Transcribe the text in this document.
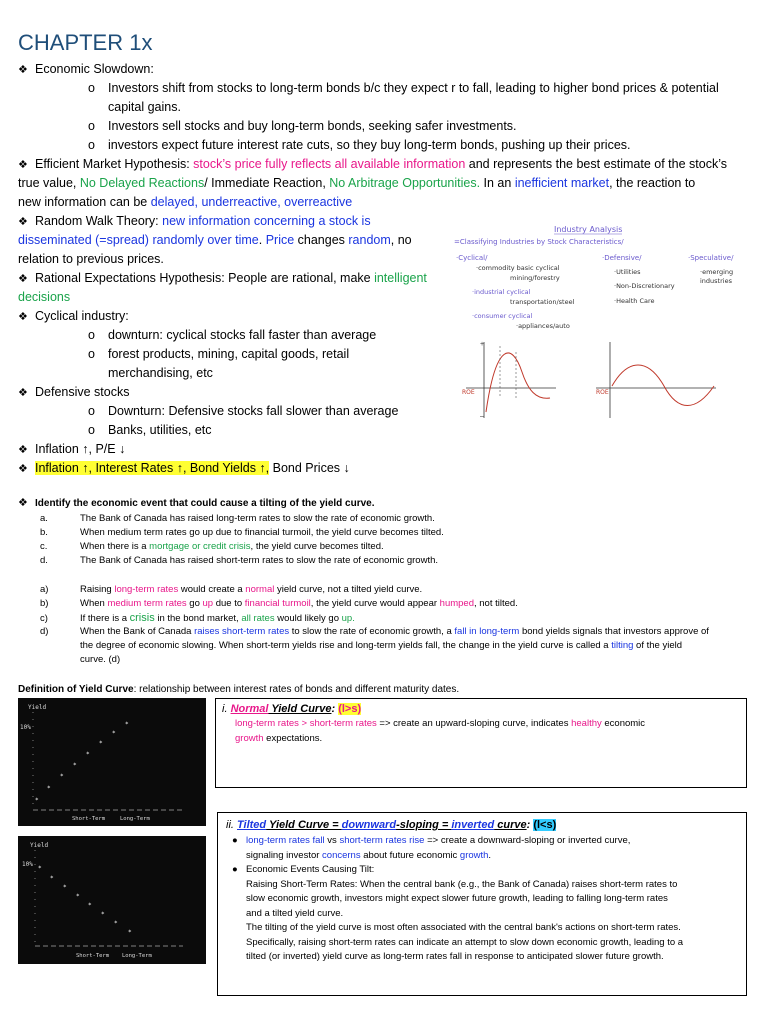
CHAPTER 1x
❖ Economic Slowdown:
o Investors shift from stocks to long-term bonds b/c they expect r to fall, leading to higher bond prices & potential
capital gains.
o Investors sell stocks and buy long-term bonds, seeking safer investments.
o investors expect future interest rate cuts, so they buy long-term bonds, pushing up their prices.
❖ Efficient Market Hypothesis: stock’s price fully reflects all available information and represents the best estimate of the stock’s
true value, No Delayed Reactions/ Immediate Reaction, No Arbitrage Opportunities. In an inefficient market, the reaction to
new information can be delayed, underreactive, overreactive
❖ Random Walk Theory: new information concerning a stock is
disseminated (=spread) randomly over time. Price changes random, no
relation to previous prices.
❖ Rational Expectations Hypothesis: People are rational, make intelligent
decisions
❖ Cyclical industry:
o downturn: cyclical stocks fall faster than average
o forest products, mining, capital goods, retail
merchandising, etc
❖ Defensive stocks
o Downturn: Defensive stocks fall slower than average
o Banks, utilities, etc
❖ Inflation ↑, P/E ↓
❖ Inflation ↑, Interest Rates ↑, Bond Yields ↑, Bond Prices ↓
Industry Analysis
=Classifying Industries by Stock Characteristics/
·Cyclical/
·commodity basic cyclical
mining/forestry
·industrial cyclical
transportation/steel
·consumer cyclical
·appliances/auto
·Defensive/
·Utilities
·Non-Discretionary
·Health Care
·Speculative/
·emerging
industries
ROE	ROE
+
–
❖ Identify the economic event that could cause a tilting of the yield curve.
a.	The Bank of Canada has raised long-term rates to slow the rate of economic growth.
b.	When medium term rates go up due to financial turmoil, the yield curve becomes tilted.
c.	When there is a mortgage or credit crisis, the yield curve becomes tilted.
d.	The Bank of Canada has raised short-term rates to slow the rate of economic growth.
a)	Raising long-term rates would create a normal yield curve, not a tilted yield curve.
b)	When medium term rates go up due to financial turmoil, the yield curve would appear humped, not tilted.
c)	If there is a crisis in the bond market, all rates would likely go up.
d)	When the Bank of Canada raises short-term rates to slow the rate of economic growth, a fall in long-term bond yields signals that investors approve of
the degree of economic slowing. When short-term yields rise and long-term yields fall, the change in the yield curve is called a tilting of the yield
curve. (d)
Definition of Yield Curve: relationship between interest rates of bonds and different maturity dates.
Yield
10%
Short-Term	Long-Term
*
*
*
*
*
*
*
*
Yield
10%
Short-Term Long-Term
*
*
*
*
*
*
*
*
i. Normal Yield Curve: (l>s)
long-term rates > short-term rates => create an upward-sloping curve, indicates healthy economic
growth expectations.
ii. Tilted Yield Curve = downward-sloping = inverted curve: (l<s)
● long-term rates fall vs short-term rates rise => create a downward-sloping or inverted curve,
signaling investor concerns about future economic growth.
● Economic Events Causing Tilt:

Raising Short-Term Rates: When the central bank (e.g., the Bank of Canada) raises short-term rates to slow economic growth, investors might expect slower future growth, leading to falling long-term rates and a tilted yield curve.

The tilting of the yield curve is most often associated with the central bank's actions on short-term rates. Specifically, raising short-term rates can indicate an attempt to slow down economic growth, leading to a tilted (or inverted) yield curve as long-term rates fall in response to anticipated slower future growth.
